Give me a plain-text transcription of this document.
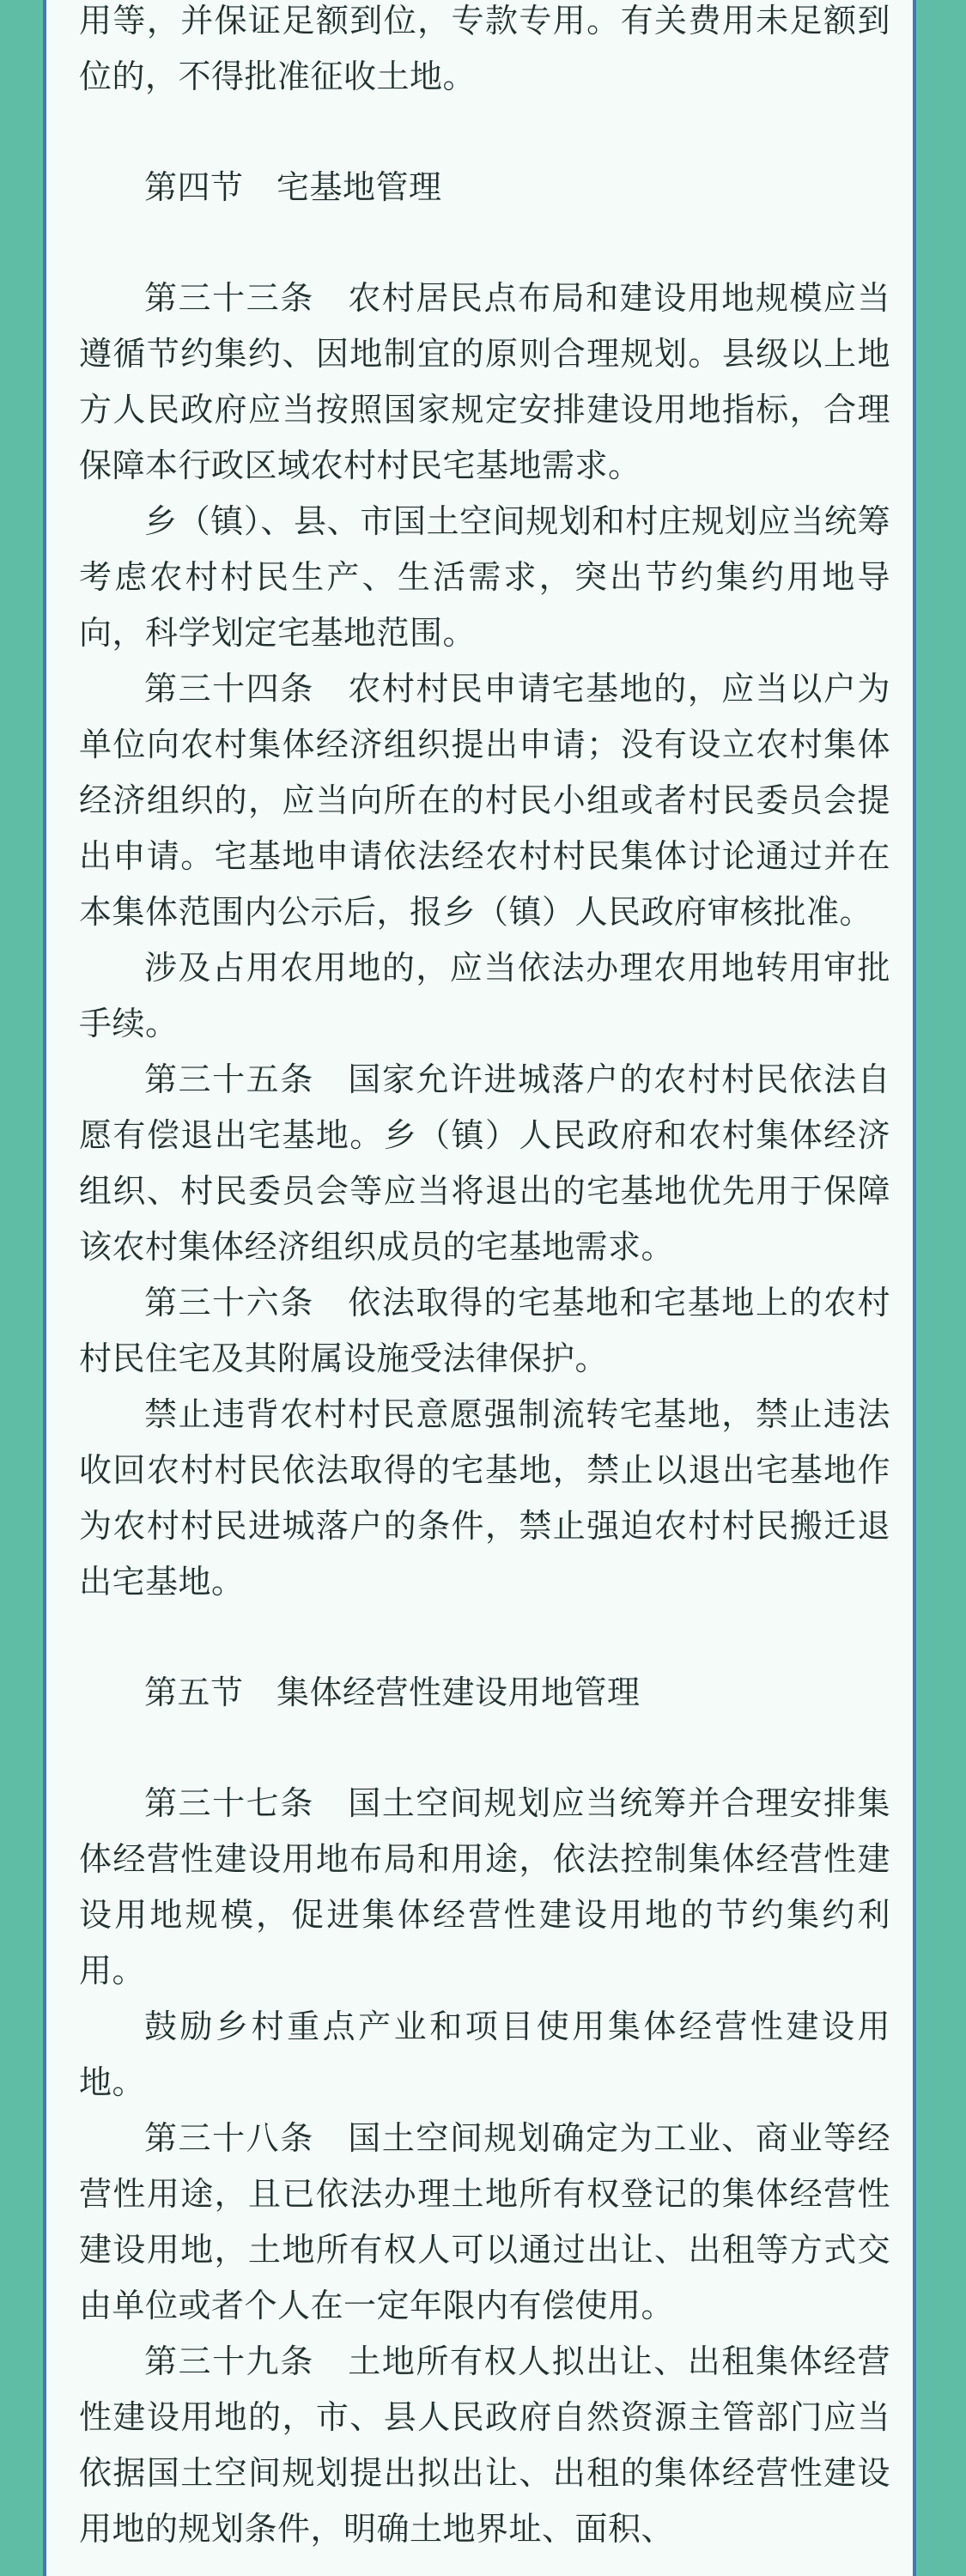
用等，并保证足额到位，专款专用。有关费用未足额到位的，不得批准征收土地。

第四节　宅基地管理

第三十三条　农村居民点布局和建设用地规模应当遵循节约集约、因地制宜的原则合理规划。县级以上地方人民政府应当按照国家规定安排建设用地指标，合理保障本行政区域农村村民宅基地需求。

乡（镇）、县、市国土空间规划和村庄规划应当统筹考虑农村村民生产、生活需求，突出节约集约用地导向，科学划定宅基地范围。

第三十四条　农村村民申请宅基地的，应当以户为单位向农村集体经济组织提出申请；没有设立农村集体经济组织的，应当向所在的村民小组或者村民委员会提出申请。宅基地申请依法经农村村民集体讨论通过并在本集体范围内公示后，报乡（镇）人民政府审核批准。

涉及占用农用地的，应当依法办理农用地转用审批手续。

第三十五条　国家允许进城落户的农村村民依法自愿有偿退出宅基地。乡（镇）人民政府和农村集体经济组织、村民委员会等应当将退出的宅基地优先用于保障该农村集体经济组织成员的宅基地需求。

第三十六条　依法取得的宅基地和宅基地上的农村村民住宅及其附属设施受法律保护。

禁止违背农村村民意愿强制流转宅基地，禁止违法收回农村村民依法取得的宅基地，禁止以退出宅基地作为农村村民进城落户的条件，禁止强迫农村村民搬迁退出宅基地。

第五节　集体经营性建设用地管理

第三十七条　国土空间规划应当统筹并合理安排集体经营性建设用地布局和用途，依法控制集体经营性建设用地规模，促进集体经营性建设用地的节约集约利用。

鼓励乡村重点产业和项目使用集体经营性建设用地。

第三十八条　国土空间规划确定为工业、商业等经营性用途，且已依法办理土地所有权登记的集体经营性建设用地，土地所有权人可以通过出让、出租等方式交由单位或者个人在一定年限内有偿使用。

第三十九条　土地所有权人拟出让、出租集体经营性建设用地的，市、县人民政府自然资源主管部门应当依据国土空间规划提出拟出让、出租的集体经营性建设用地的规划条件，明确土地界址、面积、
